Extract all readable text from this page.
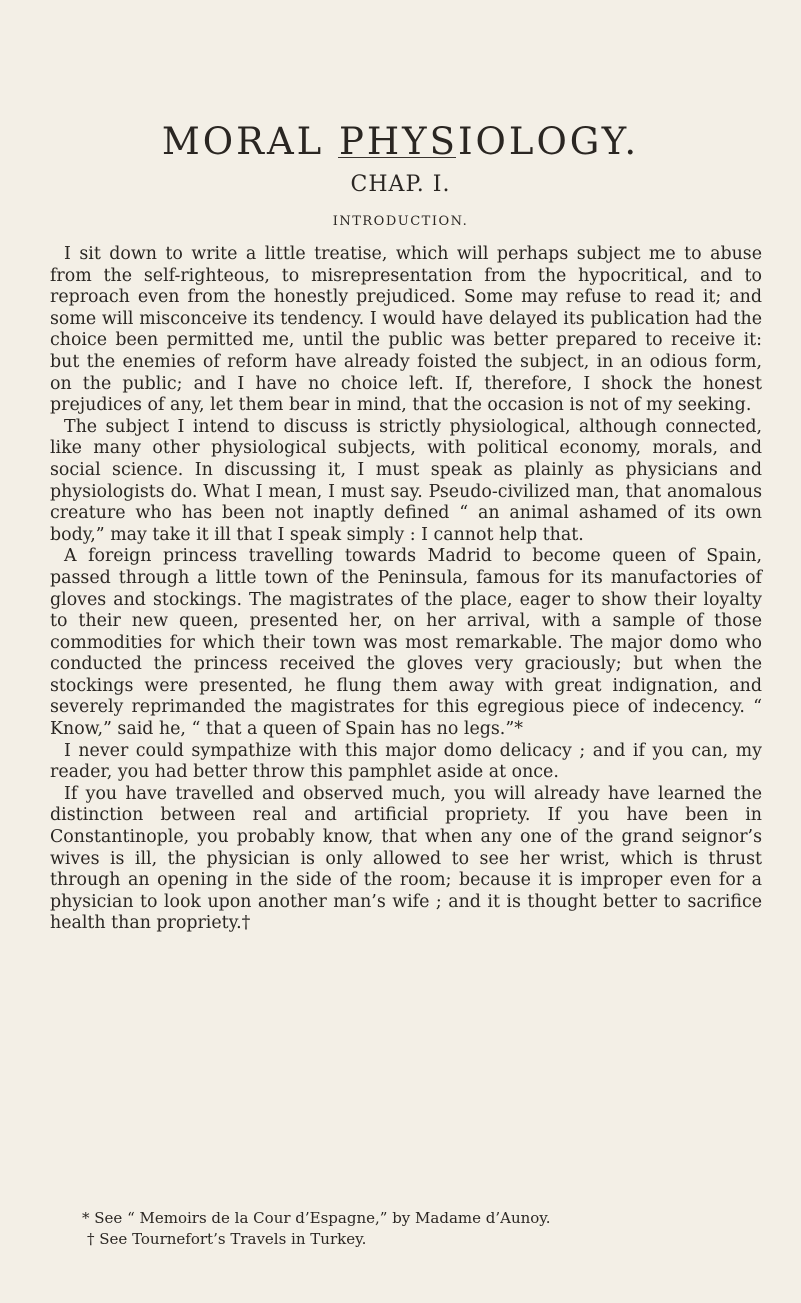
MORAL PHYSIOLOGY.
CHAP. I.
INTRODUCTION.

I sit down to write a little treatise, which will perhaps subject me to abuse from the self-righteous, to misrepresentation from the hypocritical, and to reproach even from the honestly prejudiced. Some may refuse to read it; and some will misconceive its tendency. I would have delayed its publication had the choice been permitted me, until the public was better prepared to receive it: but the enemies of reform have already foisted the subject, in an odious form, on the public; and I have no choice left. If, therefore, I shock the honest prejudices of any, let them bear in mind, that the occasion is not of my seeking.

The subject I intend to discuss is strictly physiological, although connected, like many other physiological subjects, with political economy, morals, and social science. In discussing it, I must speak as plainly as physicians and physiologists do. What I mean, I must say. Pseudo-civilized man, that anomalous creature who has been not inaptly defined “ an animal ashamed of its own body,” may take it ill that I speak simply : I cannot help that.

A foreign princess travelling towards Madrid to become queen of Spain, passed through a little town of the Peninsula, famous for its manufactories of gloves and stockings. The magistrates of the place, eager to show their loyalty to their new queen, presented her, on her arrival, with a sample of those commodities for which their town was most remarkable. The major domo who conducted the princess received the gloves very graciously; but when the stockings were presented, he flung them away with great indignation, and severely reprimanded the magistrates for this egregious piece of indecency. “ Know,” said he, “ that a queen of Spain has no legs.”*

I never could sympathize with this major domo delicacy ; and if you can, my reader, you had better throw this pamphlet aside at once.

If you have travelled and observed much, you will already have learned the distinction between real and artificial propriety. If you have been in Constantinople, you probably know, that when any one of the grand seignor’s wives is ill, the physician is only allowed to see her wrist, which is thrust through an opening in the side of the room; because it is improper even for a physician to look upon another man’s wife ; and it is thought better to sacrifice health than propriety.†

* See “ Memoirs de la Cour d’Espagne,” by Madame d’Aunoy.

† See Tournefort’s Travels in Turkey.
